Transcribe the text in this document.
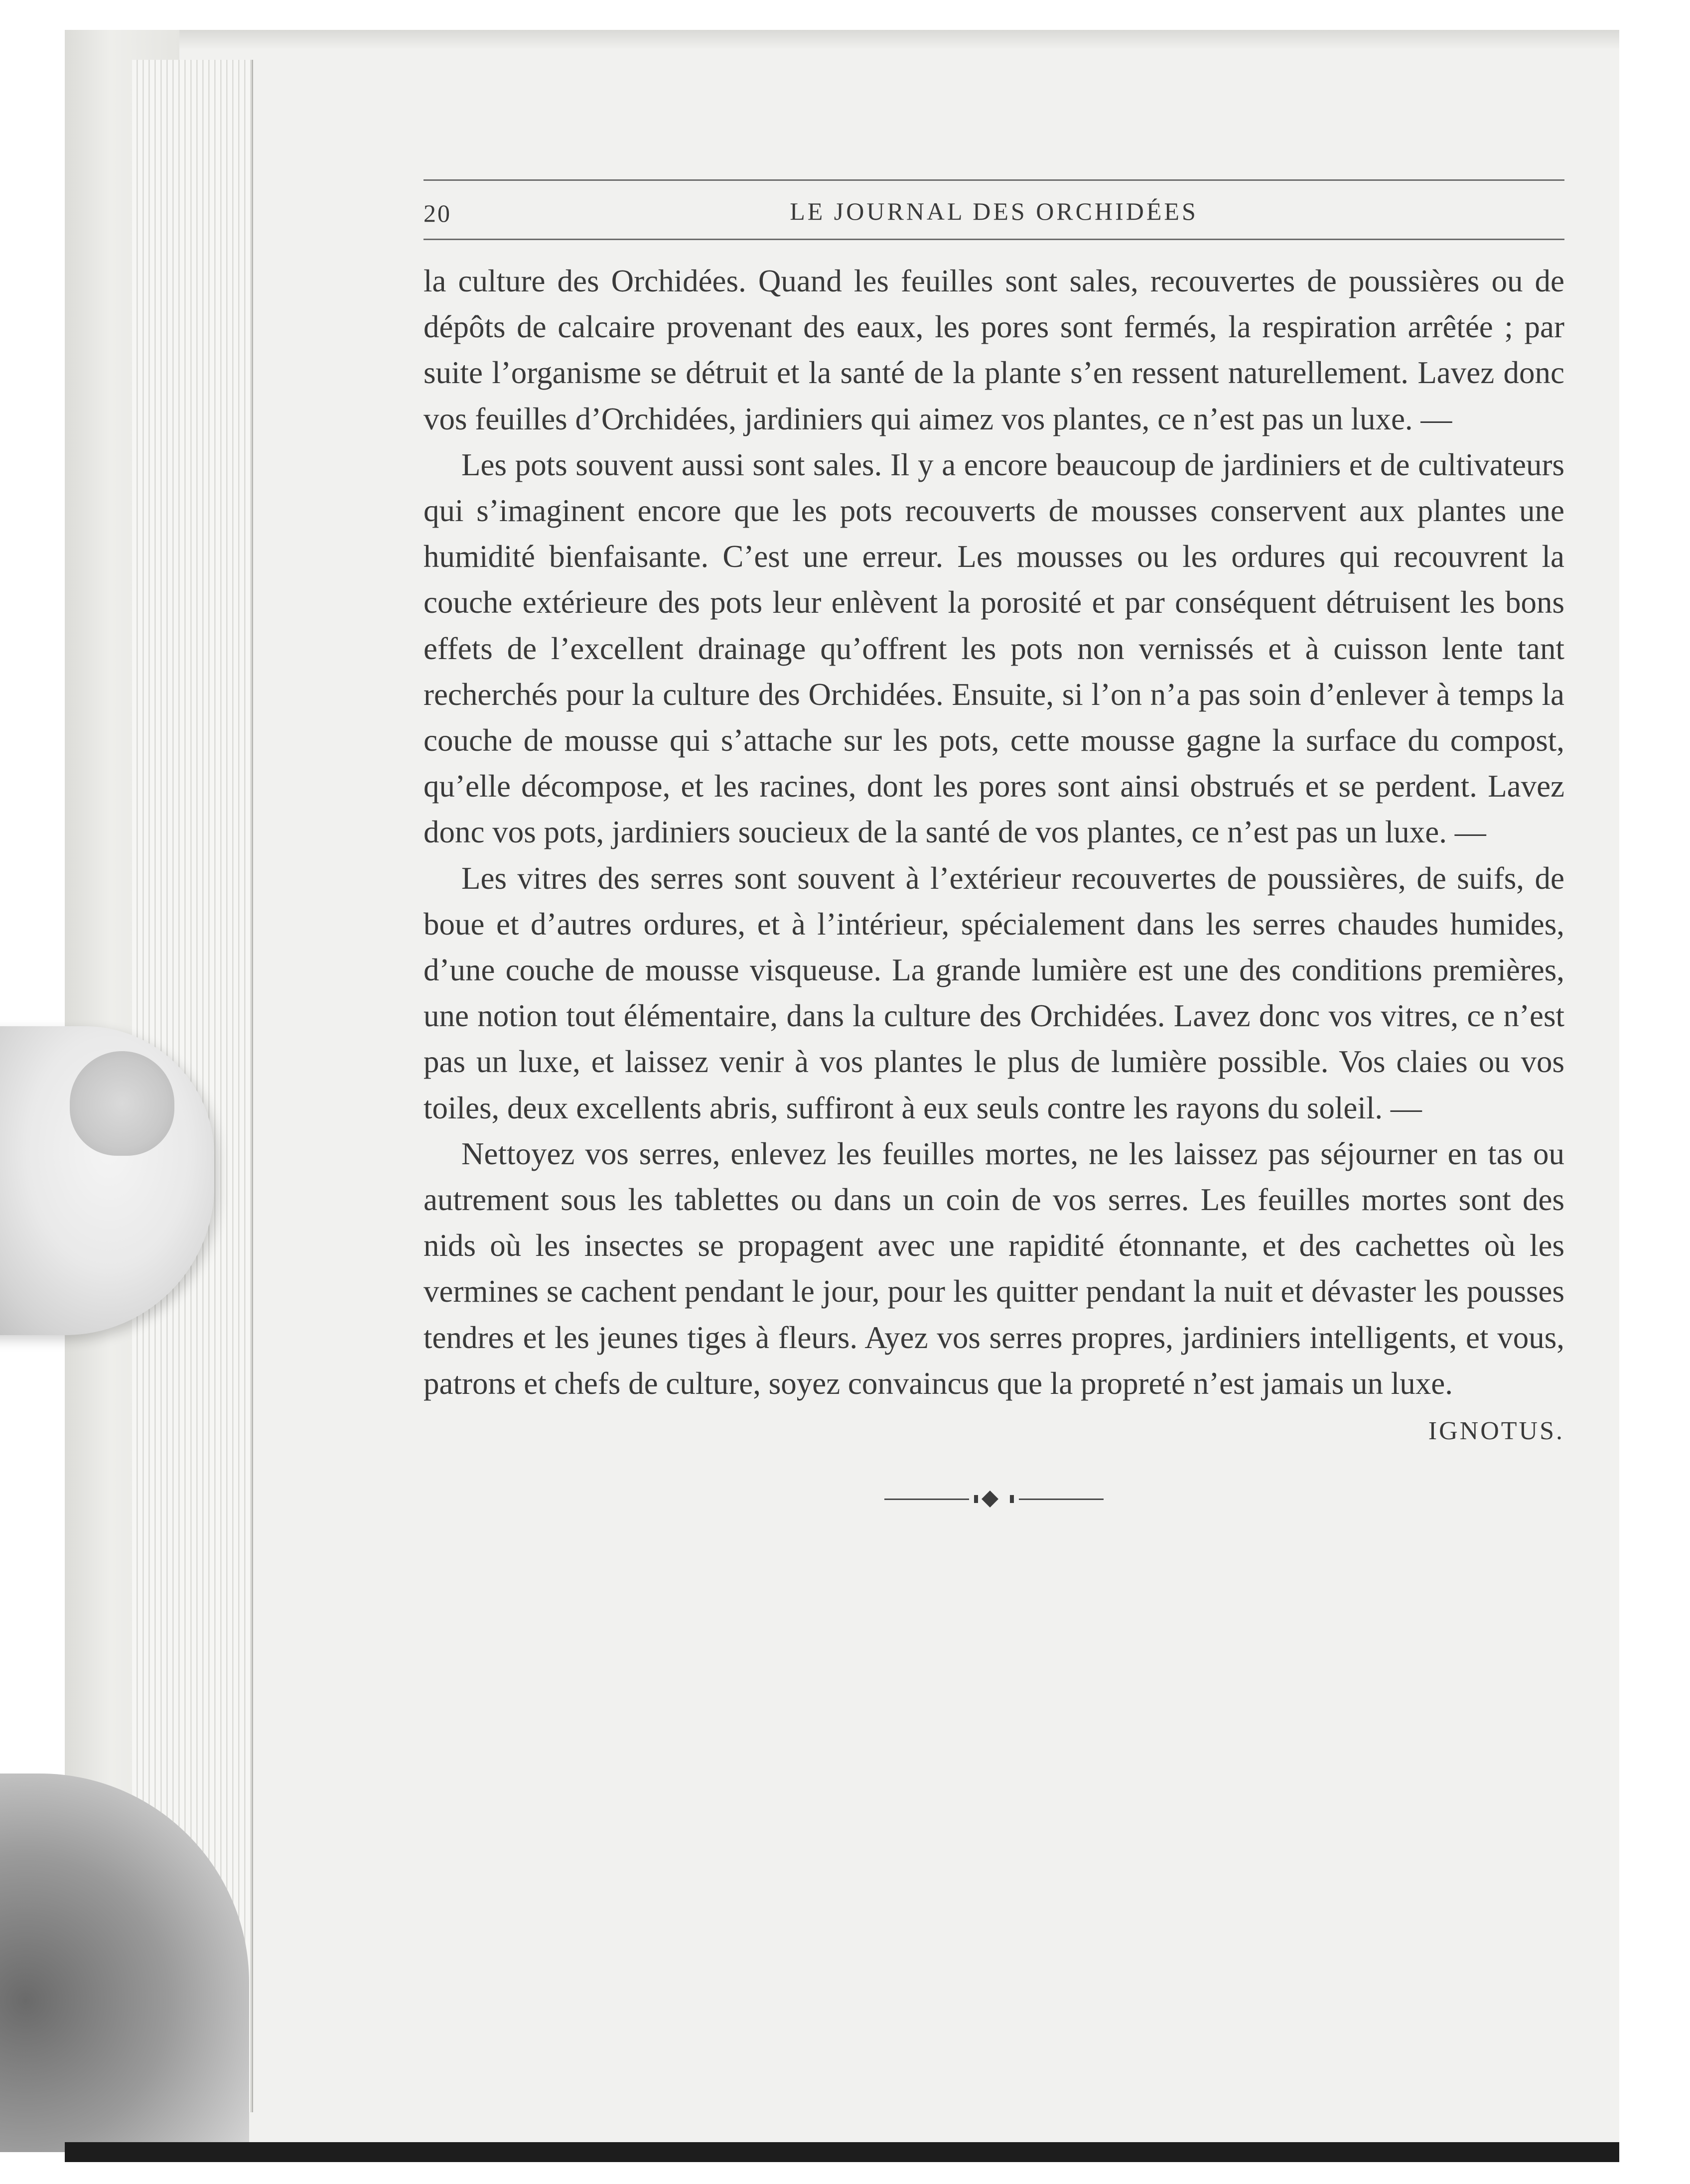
20	LE JOURNAL DES ORCHIDÉES

la culture des Orchidées. Quand les feuilles sont sales, recouvertes de poussières ou de dépôts de calcaire provenant des eaux, les pores sont fermés, la respiration arrêtée ; par suite l’organisme se détruit et la santé de la plante s’en ressent naturellement. Lavez donc vos feuilles d’Orchidées, jardiniers qui aimez vos plantes, ce n’est pas un luxe. —

Les pots souvent aussi sont sales. Il y a encore beaucoup de jardiniers et de cultivateurs qui s’imaginent encore que les pots recouverts de mousses conservent aux plantes une humidité bienfaisante. C’est une erreur. Les mousses ou les ordures qui recouvrent la couche extérieure des pots leur enlèvent la porosité et par conséquent détruisent les bons effets de l’excellent drainage qu’offrent les pots non vernissés et à cuisson lente tant recherchés pour la culture des Orchidées. Ensuite, si l’on n’a pas soin d’enlever à temps la couche de mousse qui s’attache sur les pots, cette mousse gagne la surface du compost, qu’elle décompose, et les racines, dont les pores sont ainsi obstrués et se perdent. Lavez donc vos pots, jardiniers soucieux de la santé de vos plantes, ce n’est pas un luxe. —

Les vitres des serres sont souvent à l’extérieur recouvertes de poussières, de suifs, de boue et d’autres ordures, et à l’intérieur, spécialement dans les serres chaudes humides, d’une couche de mousse visqueuse. La grande lumière est une des conditions premières, une notion tout élémentaire, dans la culture des Orchidées. Lavez donc vos vitres, ce n’est pas un luxe, et laissez venir à vos plantes le plus de lumière possible. Vos claies ou vos toiles, deux excellents abris, suffiront à eux seuls contre les rayons du soleil. —

Nettoyez vos serres, enlevez les feuilles mortes, ne les laissez pas séjourner en tas ou autrement sous les tablettes ou dans un coin de vos serres. Les feuilles mortes sont des nids où les insectes se propagent avec une rapidité étonnante, et des cachettes où les vermines se cachent pendant le jour, pour les quitter pendant la nuit et dévaster les pousses tendres et les jeunes tiges à fleurs. Ayez vos serres propres, jardiniers intelligents, et vous, patrons et chefs de culture, soyez convaincus que la propreté n’est jamais un luxe.

IGNOTUS.
